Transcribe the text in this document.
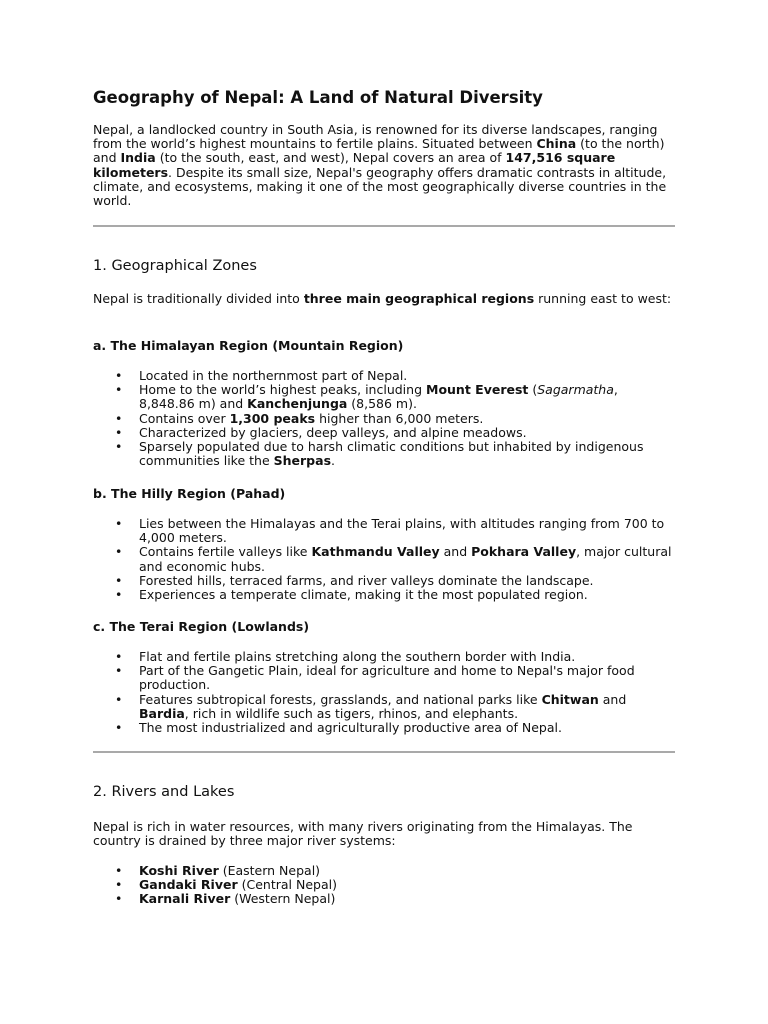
Geography of Nepal: A Land of Natural Diversity

Nepal, a landlocked country in South Asia, is renowned for its diverse landscapes, ranging from the world’s highest mountains to fertile plains. Situated between China (to the north) and India (to the south, east, and west), Nepal covers an area of 147,516 square kilometers. Despite its small size, Nepal's geography offers dramatic contrasts in altitude, climate, and ecosystems, making it one of the most geographically diverse countries in the world.

1. Geographical Zones

Nepal is traditionally divided into three main geographical regions running east to west:

a. The Himalayan Region (Mountain Region)
• Located in the northernmost part of Nepal.
• Home to the world’s highest peaks, including Mount Everest (Sagarmatha, 8,848.86 m) and Kanchenjunga (8,586 m).
• Contains over 1,300 peaks higher than 6,000 meters.
• Characterized by glaciers, deep valleys, and alpine meadows.
• Sparsely populated due to harsh climatic conditions but inhabited by indigenous communities like the Sherpas.
b. The Hilly Region (Pahad)
• Lies between the Himalayas and the Terai plains, with altitudes ranging from 700 to 4,000 meters.
• Contains fertile valleys like Kathmandu Valley and Pokhara Valley, major cultural and economic hubs.
• Forested hills, terraced farms, and river valleys dominate the landscape.
• Experiences a temperate climate, making it the most populated region.
c. The Terai Region (Lowlands)
• Flat and fertile plains stretching along the southern border with India.
• Part of the Gangetic Plain, ideal for agriculture and home to Nepal's major food production.
• Features subtropical forests, grasslands, and national parks like Chitwan and Bardia, rich in wildlife such as tigers, rhinos, and elephants.
• The most industrialized and agriculturally productive area of Nepal.
2. Rivers and Lakes

Nepal is rich in water resources, with many rivers originating from the Himalayas. The country is drained by three major river systems:

• Koshi River (Eastern Nepal)
• Gandaki River (Central Nepal)
• Karnali River (Western Nepal)
